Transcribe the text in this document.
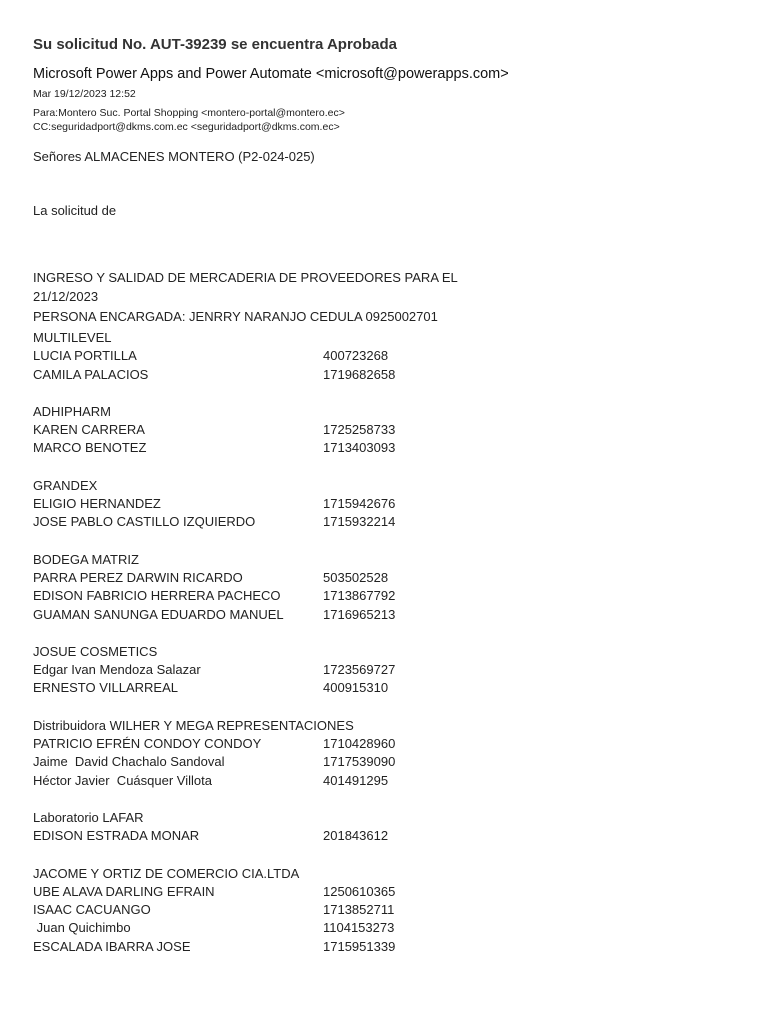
Su solicitud No. AUT-39239 se encuentra Aprobada
Microsoft Power Apps and Power Automate <microsoft@powerapps.com>
Mar 19/12/2023 12:52
Para:Montero Suc. Portal Shopping <montero-portal@montero.ec>
CC:seguridadport@dkms.com.ec <seguridadport@dkms.com.ec>
Señores ALMACENES MONTERO (P2-024-025)
La solicitud de
INGRESO Y SALIDAD DE MERCADERIA DE PROVEEDORES PARA EL
21/12/2023
PERSONA ENCARGADA: JENRRY NARANJO CEDULA 0925002701
MULTILEVEL
LUCIA PORTILLA	400723268
CAMILA PALACIOS	1719682658
ADHIPHARM
KAREN CARRERA	1725258733
MARCO BENOTEZ	1713403093
GRANDEX
ELIGIO HERNANDEZ	1715942676
JOSE PABLO CASTILLO IZQUIERDO	1715932214
BODEGA MATRIZ
PARRA PEREZ DARWIN RICARDO	503502528
EDISON FABRICIO HERRERA PACHECO	1713867792
GUAMAN SANUNGA EDUARDO MANUEL	1716965213
JOSUE COSMETICS
Edgar Ivan Mendoza Salazar	1723569727
ERNESTO VILLARREAL	400915310
Distribuidora WILHER Y MEGA REPRESENTACIONES
PATRICIO EFRÉN CONDOY CONDOY	1710428960
Jaime  David Chachalo Sandoval	1717539090
Héctor Javier  Cuásquer Villota	401491295
Laboratorio LAFAR
EDISON ESTRADA MONAR	201843612
JACOME Y ORTIZ DE COMERCIO CIA.LTDA
UBE ALAVA DARLING EFRAIN	1250610365
ISAAC CACUANGO	1713852711
Juan Quichimbo	1104153273
ESCALADA IBARRA JOSE	1715951339
